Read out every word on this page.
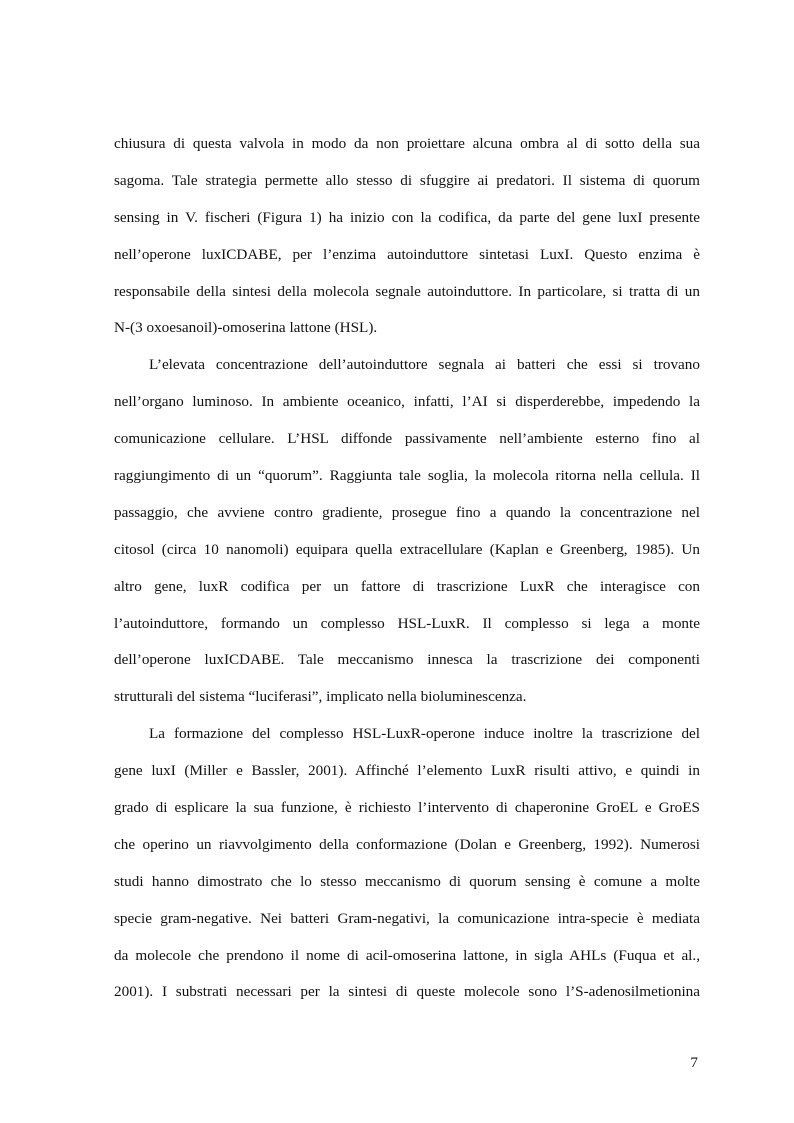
chiusura di questa valvola in modo da non proiettare alcuna ombra al di sotto della sua
sagoma. Tale strategia permette allo stesso di sfuggire ai predatori. Il sistema di quorum
sensing in V. fischeri (Figura 1) ha inizio con la codifica, da parte del gene luxI presente
nell’operone luxICDABE, per l’enzima autoinduttore sintetasi LuxI. Questo enzima è
responsabile della sintesi della molecola segnale autoinduttore. In particolare, si tratta di un
N-(3 oxoesanoil)-omoserina lattone (HSL).
L’elevata concentrazione dell’autoinduttore segnala ai batteri che essi si trovano
nell’organo luminoso. In ambiente oceanico, infatti, l’AI si disperderebbe, impedendo la
comunicazione cellulare. L’HSL diffonde passivamente nell’ambiente esterno fino al
raggiungimento di un “quorum”. Raggiunta tale soglia, la molecola ritorna nella cellula. Il
passaggio, che avviene contro gradiente, prosegue fino a quando la concentrazione nel
citosol (circa 10 nanomoli) equipara quella extracellulare (Kaplan e Greenberg, 1985). Un
altro gene, luxR codifica per un fattore di trascrizione LuxR che interagisce con
l’autoinduttore, formando un complesso HSL-LuxR. Il complesso si lega a monte
dell’operone luxICDABE. Tale meccanismo innesca la trascrizione dei componenti
strutturali del sistema “luciferasi”, implicato nella bioluminescenza.
La formazione del complesso HSL-LuxR-operone induce inoltre la trascrizione del
gene luxI (Miller e Bassler, 2001). Affinché l’elemento LuxR risulti attivo, e quindi in
grado di esplicare la sua funzione, è richiesto l’intervento di chaperonine GroEL e GroES
che operino un riavvolgimento della conformazione (Dolan e Greenberg, 1992). Numerosi
studi hanno dimostrato che lo stesso meccanismo di quorum sensing è comune a molte
specie gram-negative. Nei batteri Gram-negativi, la comunicazione intra-specie è mediata
da molecole che prendono il nome di acil-omoserina lattone, in sigla AHLs (Fuqua et al.,
2001). I substrati necessari per la sintesi di queste molecole sono l’S-adenosilmetionina
7
